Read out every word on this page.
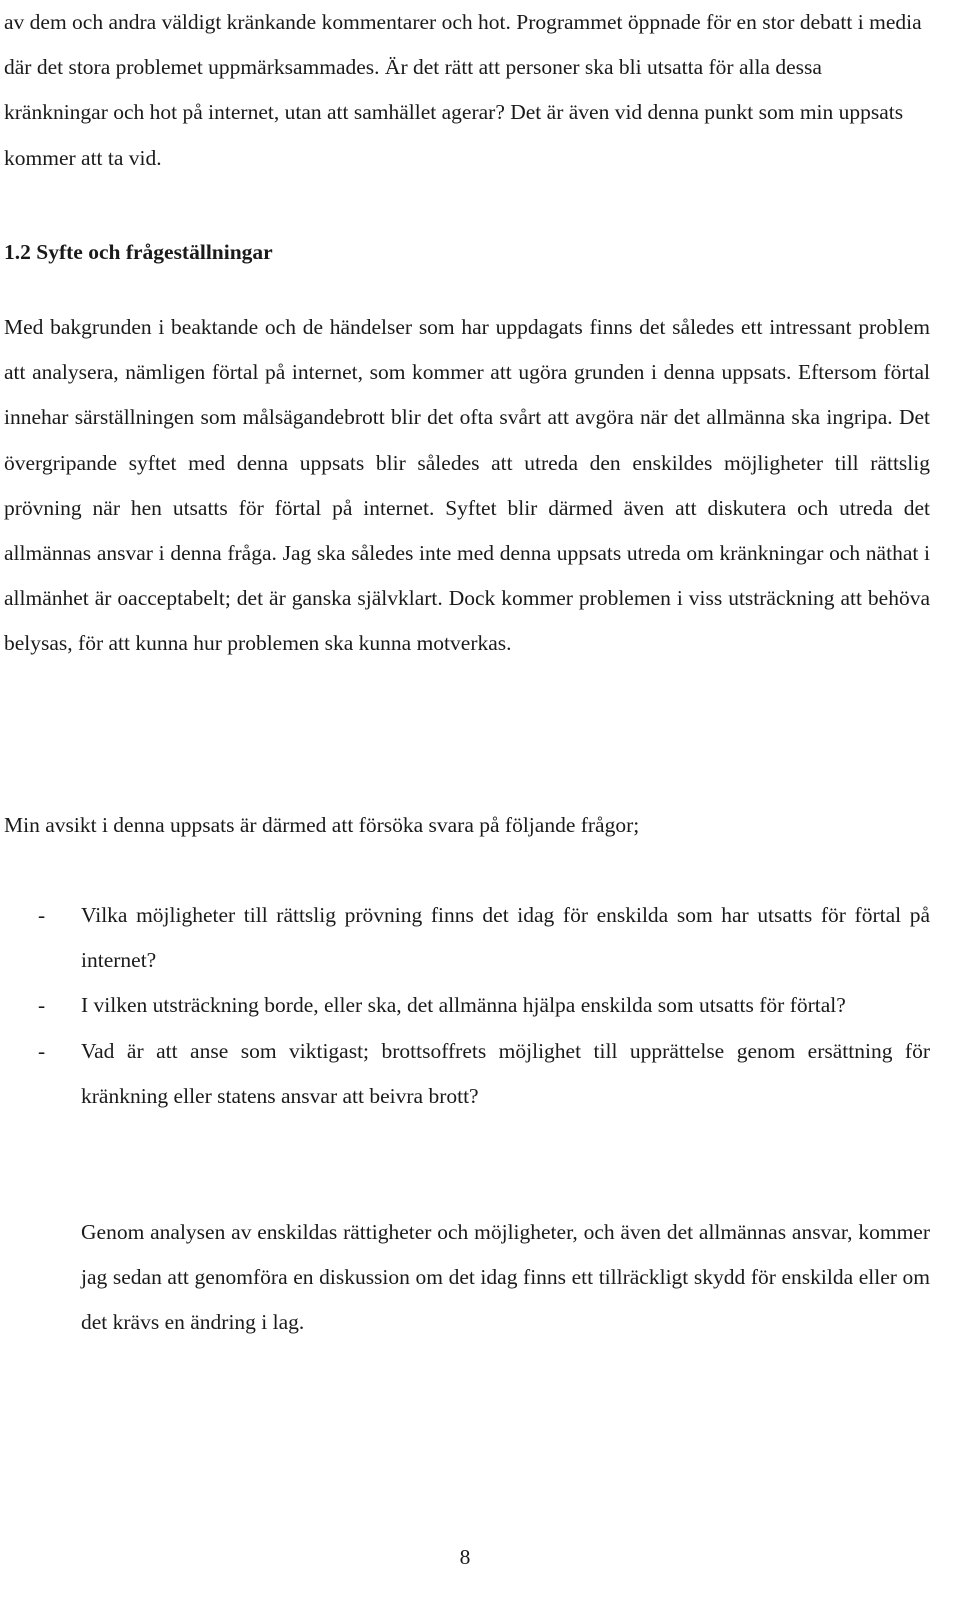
av dem och andra väldigt kränkande kommentarer och hot. Programmet öppnade för en stor debatt i media där det stora problemet uppmärksammades. Är det rätt att personer ska bli utsatta för alla dessa kränkningar och hot på internet, utan att samhället agerar? Det är även vid denna punkt som min uppsats kommer att ta vid.

1.2 Syfte och frågeställningar

Med bakgrunden i beaktande och de händelser som har uppdagats finns det således ett intressant problem att analysera, nämligen förtal på internet, som kommer att ugöra grunden i denna uppsats. Eftersom förtal innehar särställningen som målsägandebrott blir det ofta svårt att avgöra när det allmänna ska ingripa. Det övergripande syftet med denna uppsats blir således att utreda den enskildes möjligheter till rättslig prövning när hen utsatts för förtal på internet. Syftet blir därmed även att diskutera och utreda det allmännas ansvar i denna fråga. Jag ska således inte med denna uppsats utreda om kränkningar och näthat i allmänhet är oacceptabelt; det är ganska självklart. Dock kommer problemen i viss utsträckning att behöva belysas, för att kunna hur problemen ska kunna motverkas.

Min avsikt i denna uppsats är därmed att försöka svara på följande frågor;

- Vilka möjligheter till rättslig prövning finns det idag för enskilda som har utsatts för förtal på internet?
- I vilken utsträckning borde, eller ska, det allmänna hjälpa enskilda som utsatts för förtal?
- Vad är att anse som viktigast; brottsoffrets möjlighet till upprättelse genom ersättning för kränkning eller statens ansvar att beivra brott?

Genom analysen av enskildas rättigheter och möjligheter, och även det allmännas ansvar, kommer jag sedan att genomföra en diskussion om det idag finns ett tillräckligt skydd för enskilda eller om det krävs en ändring i lag.

8
